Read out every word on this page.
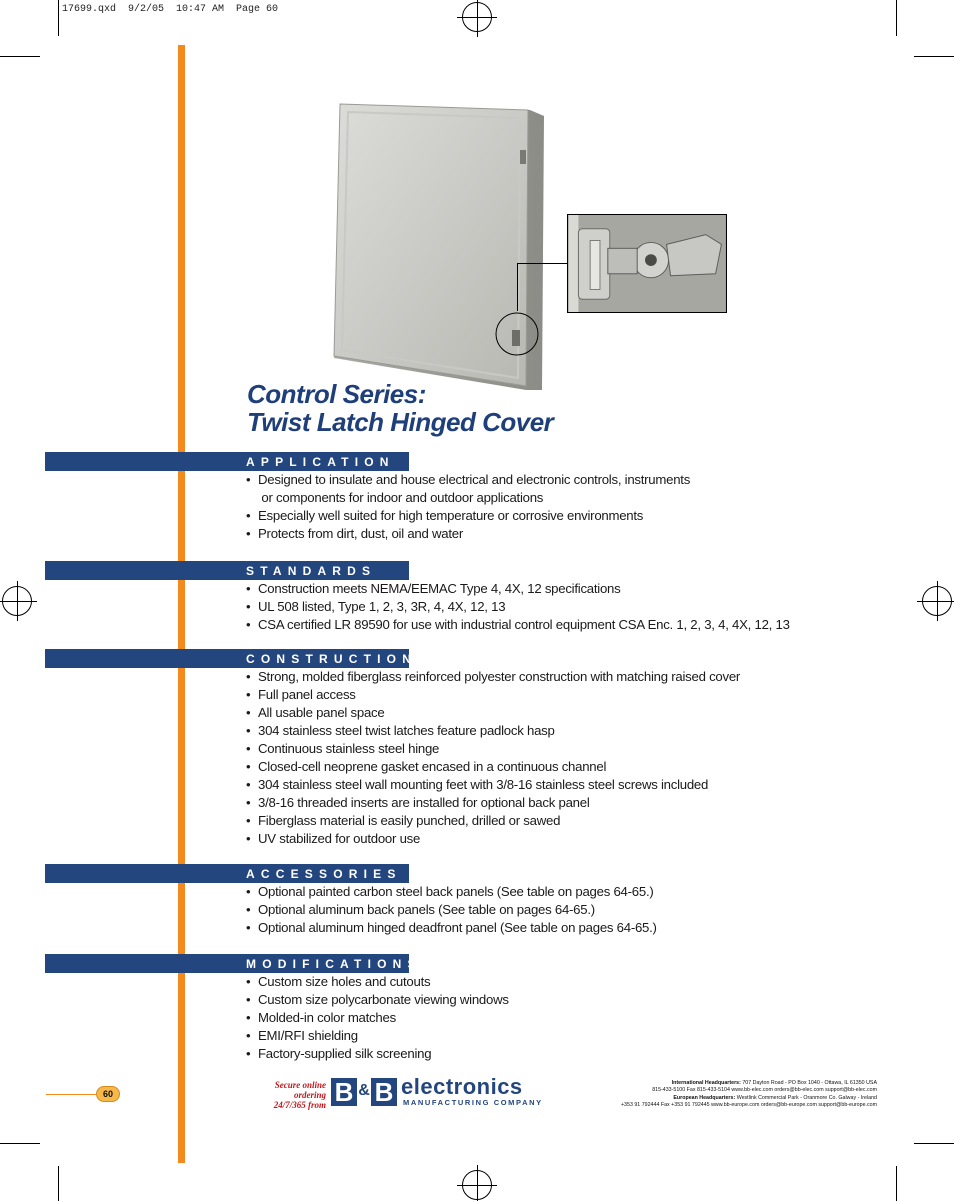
17699.qxd  9/2/05  10:47 AM  Page 60
Control Series:
Twist Latch Hinged Cover
APPLICATION
• Designed to insulate and house electrical and electronic controls, instruments
or components for indoor and outdoor applications
• Especially well suited for high temperature or corrosive environments
• Protects from dirt, dust, oil and water
STANDARDS
• Construction meets NEMA/EEMAC Type 4, 4X, 12 specifications
• UL 508 listed, Type 1, 2, 3, 3R, 4, 4X, 12, 13
• CSA certified LR 89590 for use with industrial control equipment CSA Enc. 1, 2, 3, 4, 4X, 12, 13
CONSTRUCTION
• Strong, molded fiberglass reinforced polyester construction with matching raised cover
• Full panel access
• All usable panel space
• 304 stainless steel twist latches feature padlock hasp
• Continuous stainless steel hinge
• Closed-cell neoprene gasket encased in a continuous channel
• 304 stainless steel wall mounting feet with 3/8-16 stainless steel screws included
• 3/8-16 threaded inserts are installed for optional back panel
• Fiberglass material is easily punched, drilled or sawed
• UV stabilized for outdoor use
ACCESSORIES
• Optional painted carbon steel back panels (See table on pages 64-65.)
• Optional aluminum back panels (See table on pages 64-65.)
• Optional aluminum hinged deadfront panel (See table on pages 64-65.)
MODIFICATIONS
• Custom size holes and cutouts
• Custom size polycarbonate viewing windows
• Molded-in color matches
• EMI/RFI shielding
• Factory-supplied silk screening
60
Secure online
ordering
24/7/365 from B & B electronics
MANUFACTURING COMPANY
International Headquarters: 707 Dayton Road - PO Box 1040 - Ottawa, IL 61350 USA
815-433-5100 Fax 815-433-5104 www.bb-elec.com orders@bb-elec.com support@bb-elec.com
European Headquarters: Westlink Commercial Park - Oranmore Co. Galway - Ireland
+353 91 792444 Fax +353 91 792445 www.bb-europe.com orders@bb-europe.com support@bb-europe.com
